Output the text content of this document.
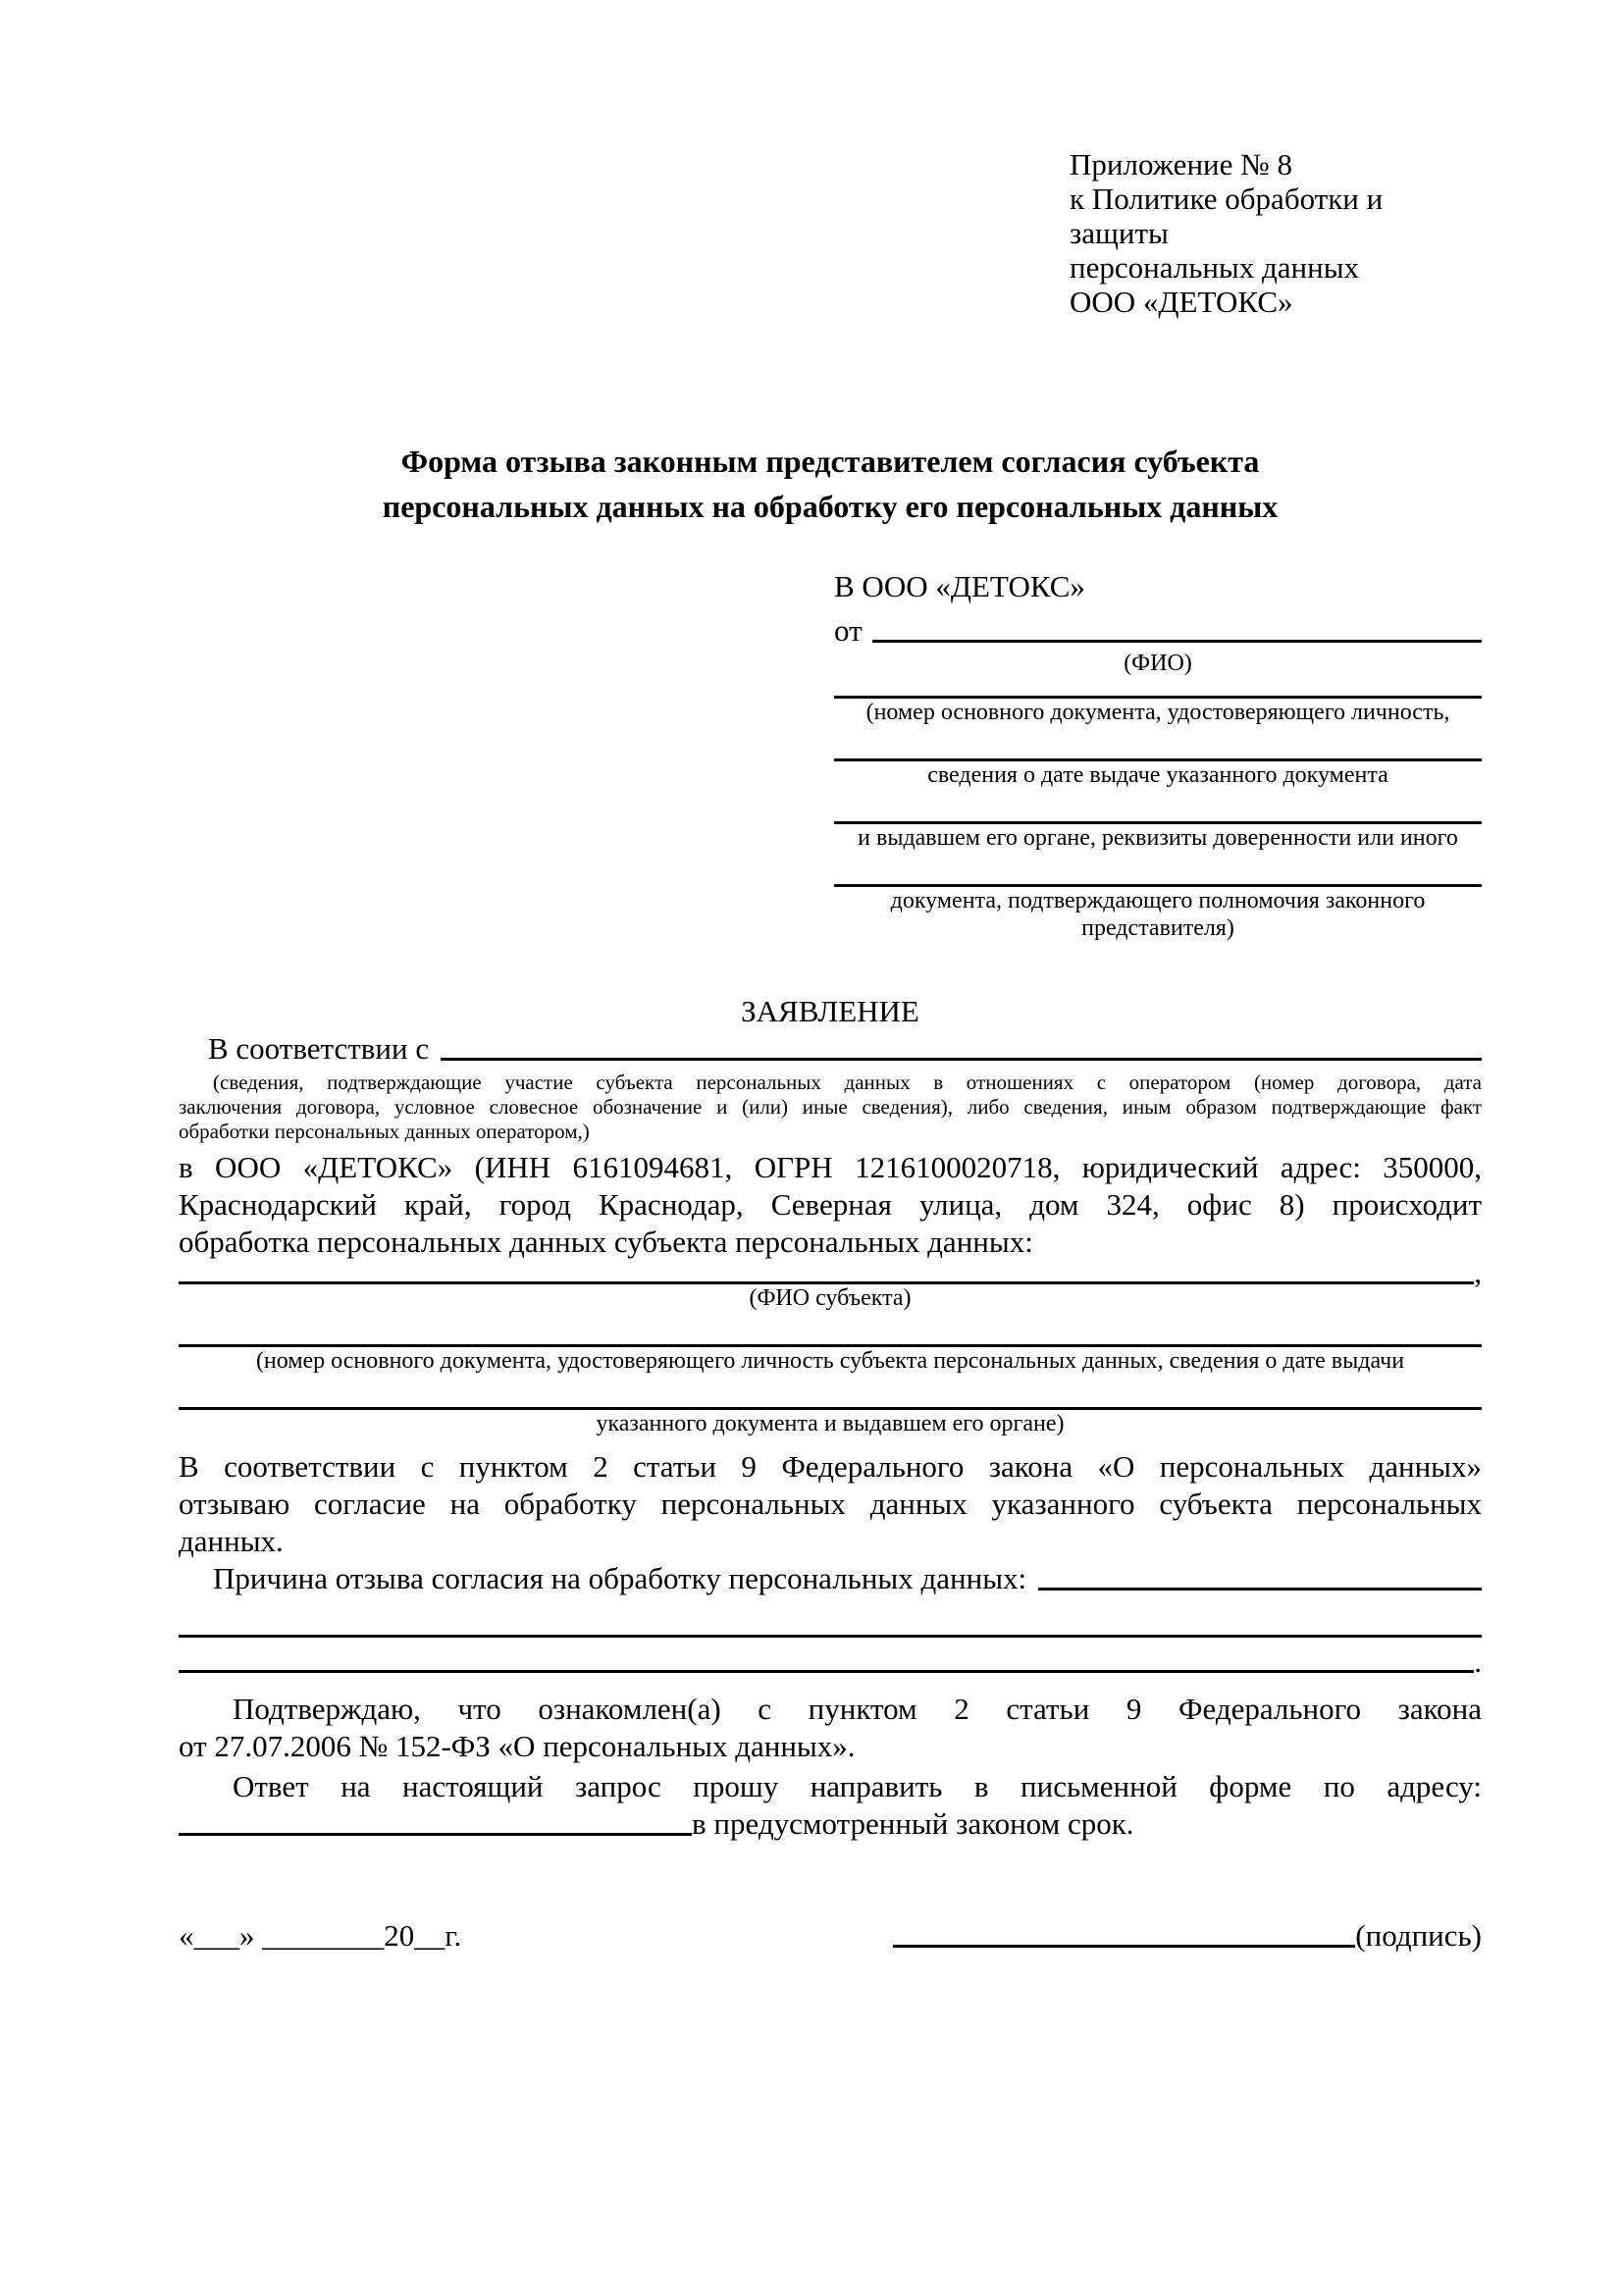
Приложение № 8
к Политике обработки и защиты
персональных данных
ООО «ДЕТОКС»
Форма отзыва законным представителем согласия субъекта
персональных данных на обработку его персональных данных
В ООО «ДЕТОКС»
от
(ФИО)
(номер основного документа, удостоверяющего личность,
сведения о дате выдаче указанного документа
и выдавшем его органе, реквизиты доверенности или иного
документа, подтверждающего полномочия законного представителя)
ЗАЯВЛЕНИЕ
В соответствии с
(сведения, подтверждающие участие субъекта персональных данных в отношениях с оператором (номер договора, дата
заключения договора, условное словесное обозначение и (или) иные сведения), либо сведения, иным образом подтверждающие факт
обработки персональных данных оператором,)
в ООО «ДЕТОКС» (ИНН 6161094681, ОГРН 1216100020718, юридический адрес: 350000,
Краснодарский край, город Краснодар, Северная улица, дом 324, офис 8) происходит
обработка персональных данных субъекта персональных данных:
,
(ФИО субъекта)
(номер основного документа, удостоверяющего личность субъекта персональных данных, сведения о дате выдачи
указанного документа и выдавшем его органе)
В соответствии с пунктом 2 статьи 9 Федерального закона «О персональных данных»
отзываю согласие на обработку персональных данных указанного субъекта персональных
данных.
Причина отзыва согласия на обработку персональных данных:
.
Подтверждаю, что ознакомлен(а) с пунктом 2 статьи 9 Федерального закона
от 27.07.2006 № 152-ФЗ «О персональных данных».
Ответ на настоящий запрос прошу направить в письменной форме по адресу:
в предусмотренный законом срок.
«___» ________20__г.	(подпись)
